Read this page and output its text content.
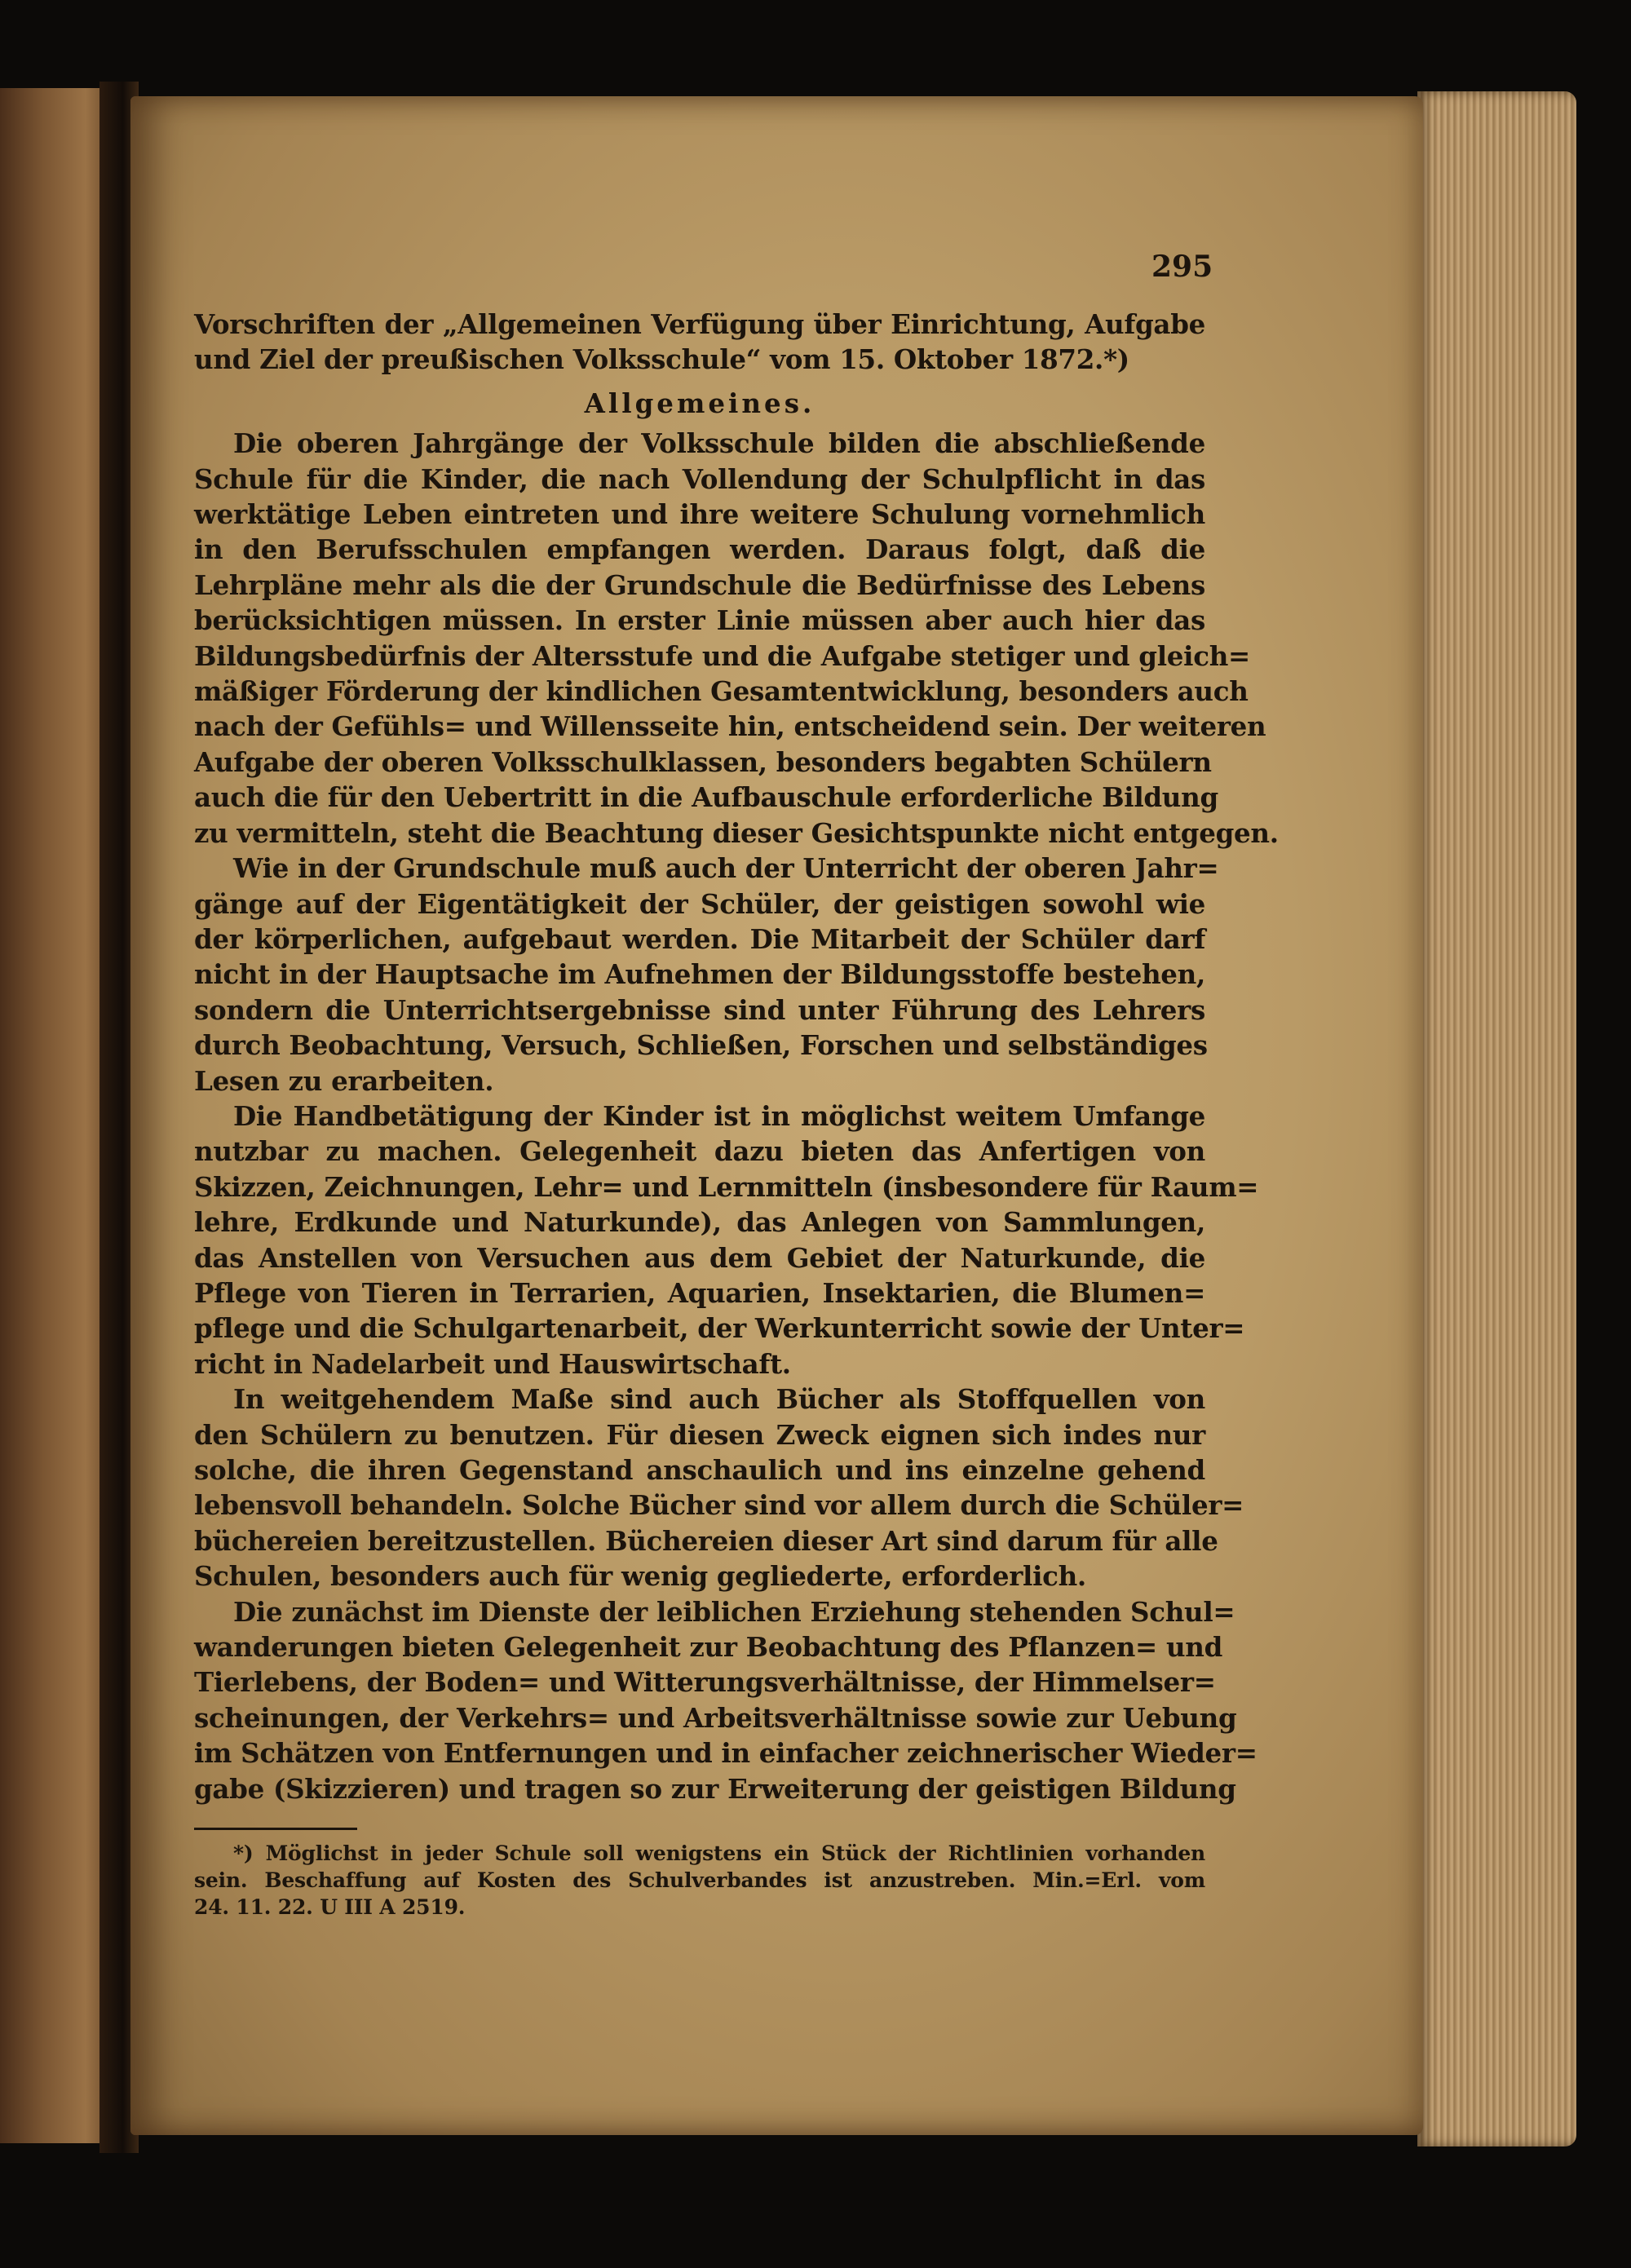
295
Vorschriften der „Allgemeinen Verfügung über Einrichtung, Aufgabe
und Ziel der preußischen Volksschule“ vom 15. Oktober 1872.*)
Allgemeines.
Die oberen Jahrgänge der Volksschule bilden die abschließende
Schule für die Kinder, die nach Vollendung der Schulpflicht in das
werktätige Leben eintreten und ihre weitere Schulung vornehmlich
in den Berufsschulen empfangen werden. Daraus folgt, daß die
Lehrpläne mehr als die der Grundschule die Bedürfnisse des Lebens
berücksichtigen müssen. In erster Linie müssen aber auch hier das
Bildungsbedürfnis der Altersstufe und die Aufgabe stetiger und gleich=
mäßiger Förderung der kindlichen Gesamtentwicklung, besonders auch
nach der Gefühls= und Willensseite hin, entscheidend sein. Der weiteren
Aufgabe der oberen Volksschulklassen, besonders begabten Schülern
auch die für den Uebertritt in die Aufbauschule erforderliche Bildung
zu vermitteln, steht die Beachtung dieser Gesichtspunkte nicht entgegen.
Wie in der Grundschule muß auch der Unterricht der oberen Jahr=
gänge auf der Eigentätigkeit der Schüler, der geistigen sowohl wie
der körperlichen, aufgebaut werden. Die Mitarbeit der Schüler darf
nicht in der Hauptsache im Aufnehmen der Bildungsstoffe bestehen,
sondern die Unterrichtsergebnisse sind unter Führung des Lehrers
durch Beobachtung, Versuch, Schließen, Forschen und selbständiges
Lesen zu erarbeiten.
Die Handbetätigung der Kinder ist in möglichst weitem Umfange
nutzbar zu machen. Gelegenheit dazu bieten das Anfertigen von
Skizzen, Zeichnungen, Lehr= und Lernmitteln (insbesondere für Raum=
lehre, Erdkunde und Naturkunde), das Anlegen von Sammlungen,
das Anstellen von Versuchen aus dem Gebiet der Naturkunde, die
Pflege von Tieren in Terrarien, Aquarien, Insektarien, die Blumen=
pflege und die Schulgartenarbeit, der Werkunterricht sowie der Unter=
richt in Nadelarbeit und Hauswirtschaft.
In weitgehendem Maße sind auch Bücher als Stoffquellen von
den Schülern zu benutzen. Für diesen Zweck eignen sich indes nur
solche, die ihren Gegenstand anschaulich und ins einzelne gehend
lebensvoll behandeln. Solche Bücher sind vor allem durch die Schüler=
büchereien bereitzustellen. Büchereien dieser Art sind darum für alle
Schulen, besonders auch für wenig gegliederte, erforderlich.
Die zunächst im Dienste der leiblichen Erziehung stehenden Schul=
wanderungen bieten Gelegenheit zur Beobachtung des Pflanzen= und
Tierlebens, der Boden= und Witterungsverhältnisse, der Himmelser=
scheinungen, der Verkehrs= und Arbeitsverhältnisse sowie zur Uebung
im Schätzen von Entfernungen und in einfacher zeichnerischer Wieder=
gabe (Skizzieren) und tragen so zur Erweiterung der geistigen Bildung
*) Möglichst in jeder Schule soll wenigstens ein Stück der Richtlinien vorhanden
sein. Beschaffung auf Kosten des Schulverbandes ist anzustreben. Min.=Erl. vom
24. 11. 22. U III A 2519.
